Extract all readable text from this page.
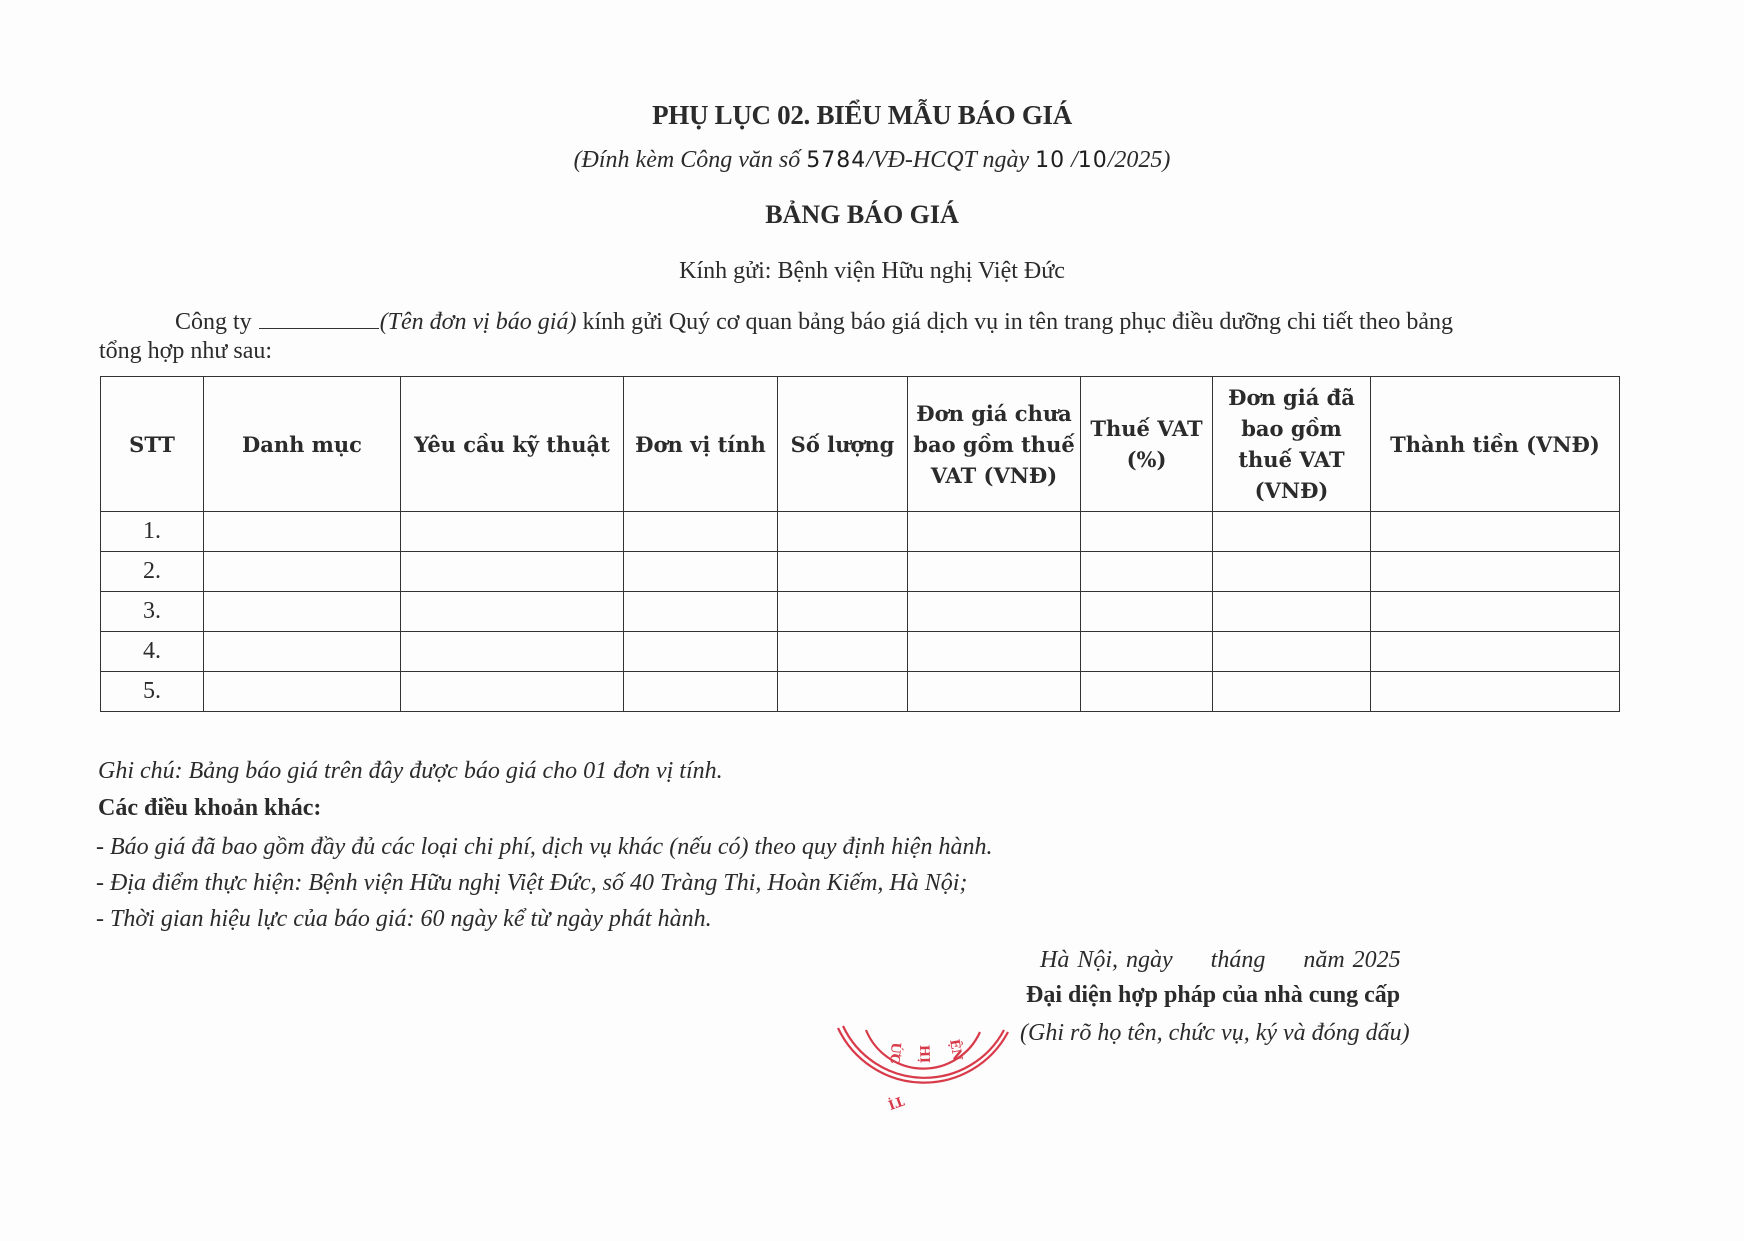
PHỤ LỤC 02. BIỂU MẪU BÁO GIÁ
(Đính kèm Công văn số 5784/VĐ-HCQT ngày 10 /10/2025)
BẢNG BÁO GIÁ
Kính gửi: Bệnh viện Hữu nghị Việt Đức
Công ty	(Tên đơn vị báo giá) kính gửi Quý cơ quan bảng báo giá dịch vụ in tên trang phục điều dưỡng chi tiết theo bảng
tổng hợp như sau:
STT	Danh mục	Yêu cầu kỹ thuật	Đơn vị tính	Số lượng	Đơn giá chưa bao gồm thuế VAT (VNĐ)	Thuế VAT (%)	Đơn giá đã bao gồm thuế VAT (VNĐ)	Thành tiền (VNĐ)
1.								
2.								
3.								
4.								
5.								
Ghi chú: Bảng báo giá trên đây được báo giá cho 01 đơn vị tính.
Các điều khoản khác:
- Báo giá đã bao gồm đầy đủ các loại chi phí, dịch vụ khác (nếu có) theo quy định hiện hành.
- Địa điểm thực hiện: Bệnh viện Hữu nghị Việt Đức, số 40 Tràng Thi, Hoàn Kiếm, Hà Nội;
- Thời gian hiệu lực của báo giá: 60 ngày kể từ ngày phát hành.
Hà Nội, ngày tháng năm 2025
Đại diện hợp pháp của nhà cung cấp
(Ghi rõ họ tên, chức vụ, ký và đóng dấu)
ỆN
HỊ
ỨC
TỊ
